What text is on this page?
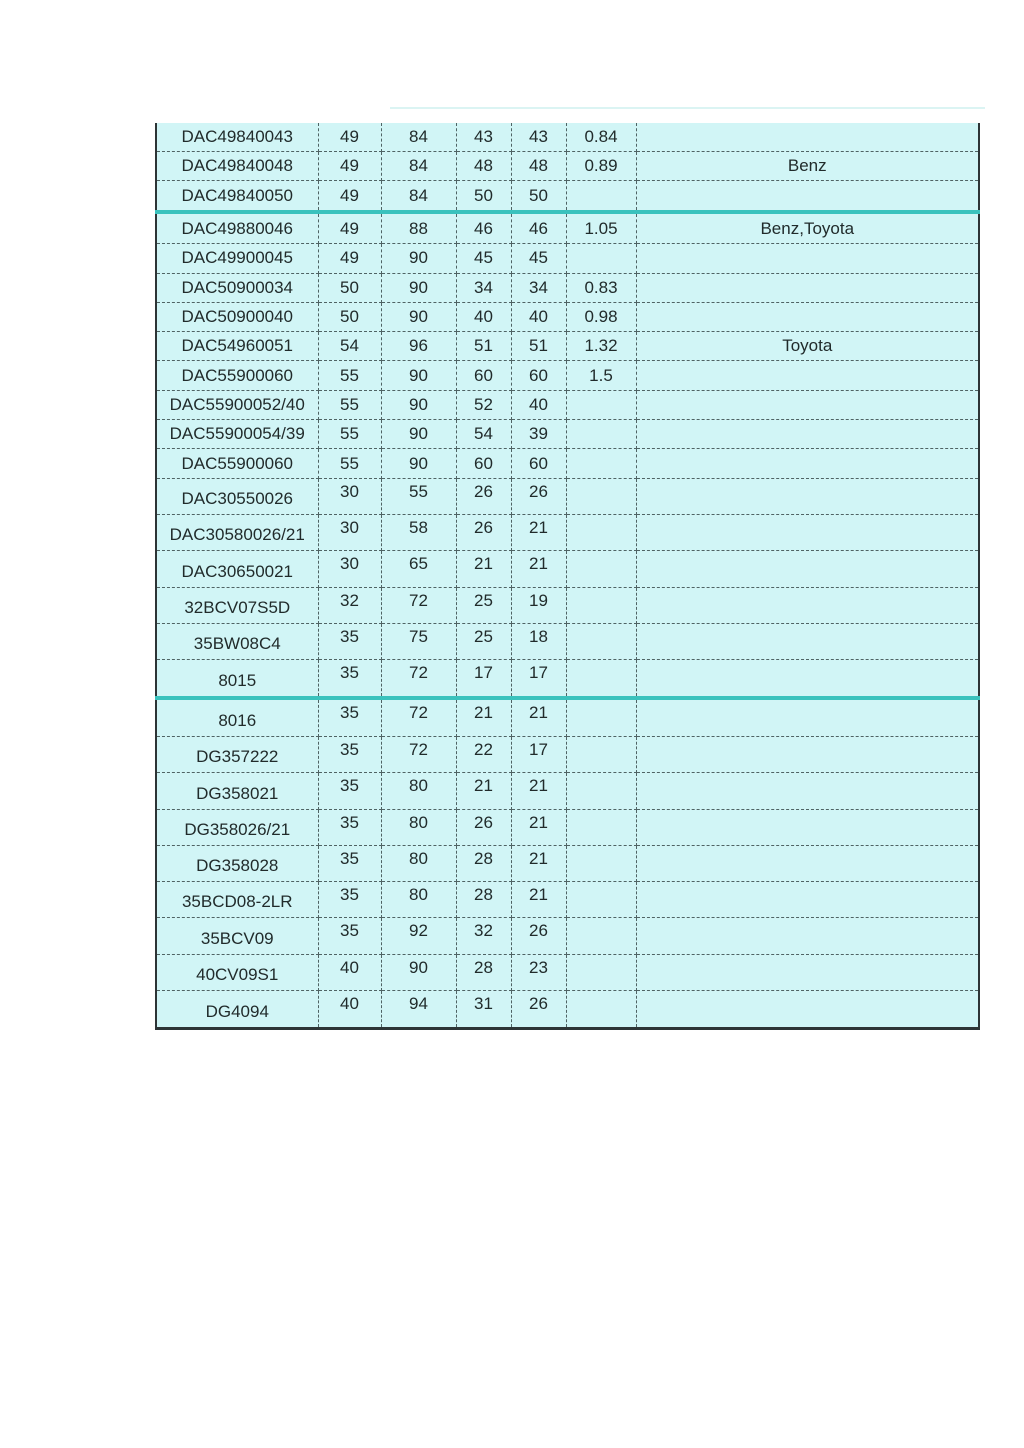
DAC49840043	49	84	43	43	0.84	
DAC49840048	49	84	48	48	0.89	Benz
DAC49840050	49	84	50	50		
DAC49880046	49	88	46	46	1.05	Benz,Toyota
DAC49900045	49	90	45	45		
DAC50900034	50	90	34	34	0.83	
DAC50900040	50	90	40	40	0.98	
DAC54960051	54	96	51	51	1.32	Toyota
DAC55900060	55	90	60	60	1.5	
DAC55900052/40	55	90	52	40		
DAC55900054/39	55	90	54	39		
DAC55900060	55	90	60	60		
DAC30550026	30	55	26	26		
DAC30580026/21	30	58	26	21		
DAC30650021	30	65	21	21		
32BCV07S5D	32	72	25	19		
35BW08C4	35	75	25	18		
8015	35	72	17	17		
8016	35	72	21	21		
DG357222	35	72	22	17		
DG358021	35	80	21	21		
DG358026/21	35	80	26	21		
DG358028	35	80	28	21		
35BCD08-2LR	35	80	28	21		
35BCV09	35	92	32	26		
40CV09S1	40	90	28	23		
DG4094	40	94	31	26		
